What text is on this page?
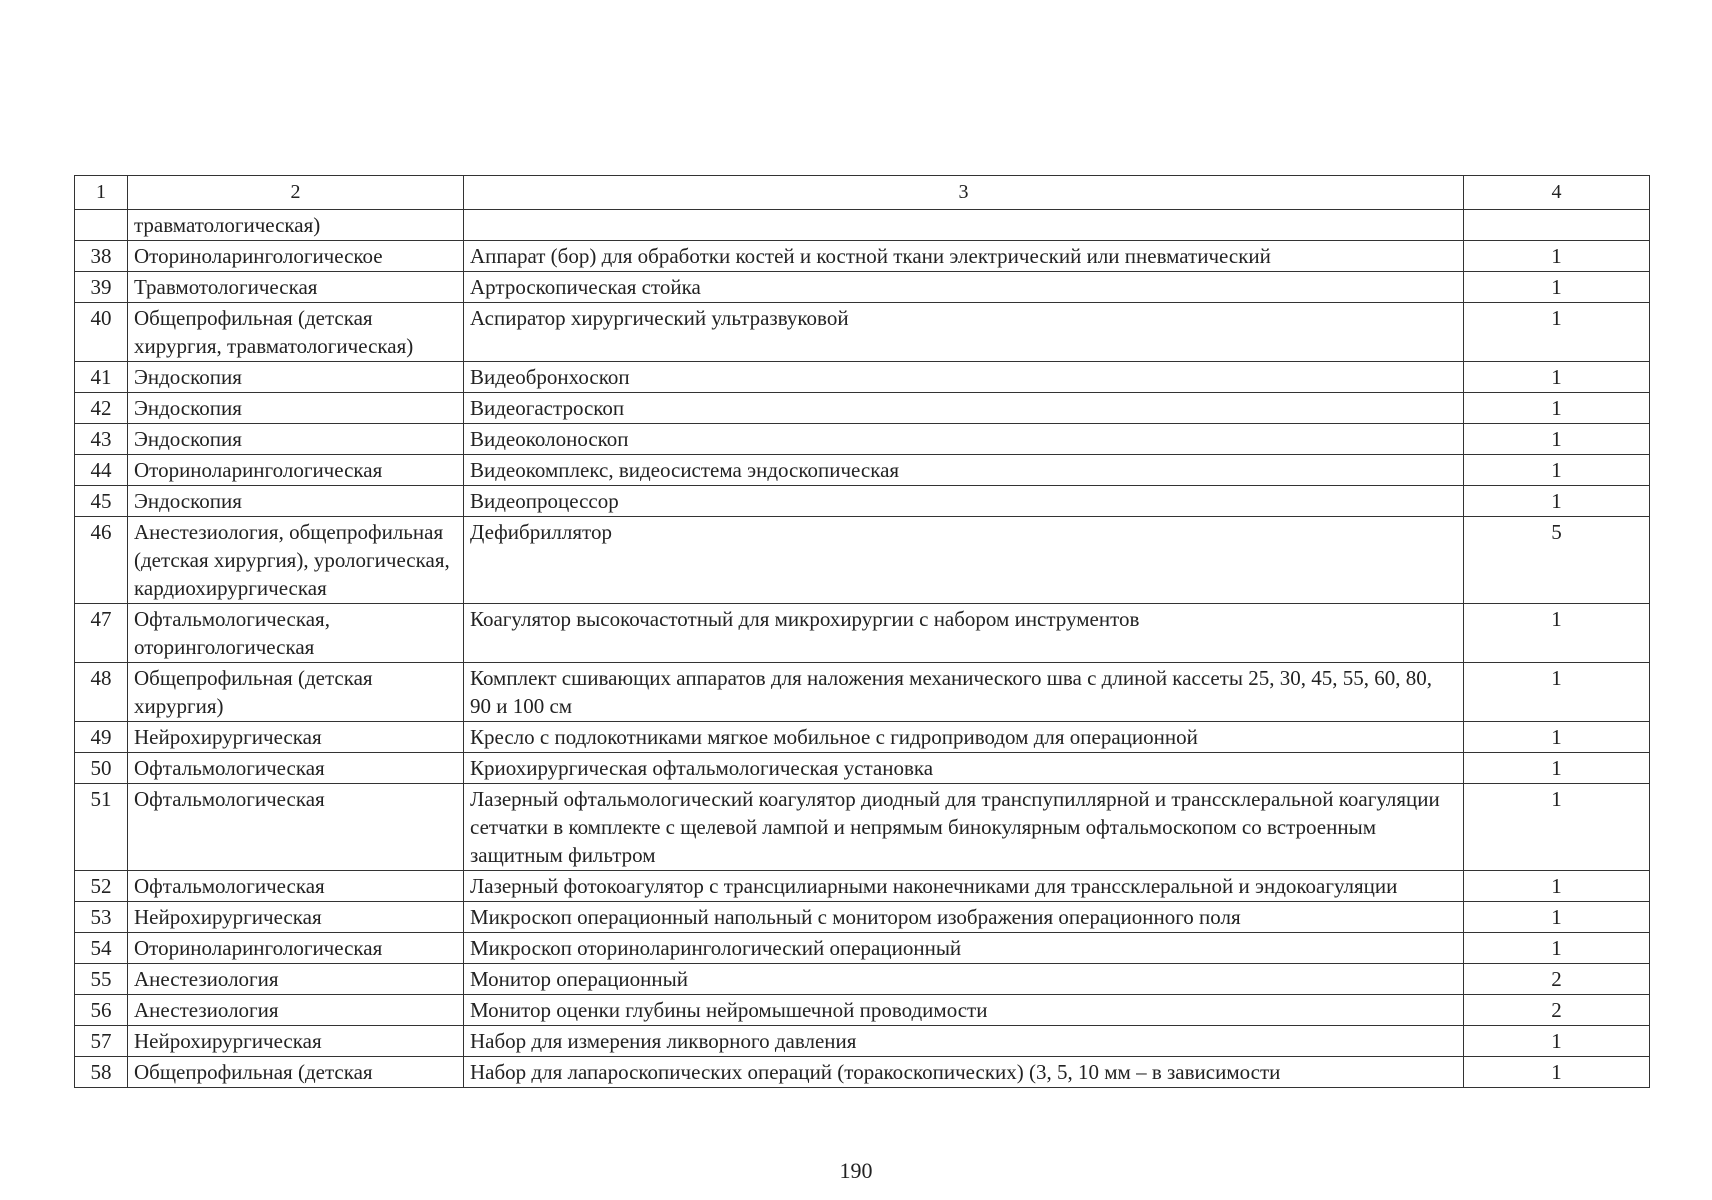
1	2	3	4
	травматологическая)		
38	Оториноларингологическое	Аппарат (бор) для обработки костей и костной ткани электрический или пневматический	1
39	Травмотологическая	Артроскопическая стойка	1
40	Общепрофильная (детская хирургия, травматологическая)	Аспиратор хирургический ультразвуковой	1
41	Эндоскопия	Видеобронхоскоп	1
42	Эндоскопия	Видеогастроскоп	1
43	Эндоскопия	Видеоколоноскоп	1
44	Оториноларингологическая	Видеокомплекс, видеосистема эндоскопическая	1
45	Эндоскопия	Видеопроцессор	1
46	Анестезиология, общепрофильная (детская хирургия), урологическая, кардиохирургическая	Дефибриллятор	5
47	Офтальмологическая, оторингологическая	Коагулятор высокочастотный для микрохирургии с набором инструментов	1
48	Общепрофильная (детская хирургия)	Комплект сшивающих аппаратов для наложения механического шва с длиной кассеты 25, 30, 45, 55, 60, 80, 90 и 100 см	1
49	Нейрохирургическая	Кресло с подлокотниками мягкое мобильное с гидроприводом для операционной	1
50	Офтальмологическая	Криохирургическая офтальмологическая установка	1
51	Офтальмологическая	Лазерный офтальмологический коагулятор диодный для транспупиллярной и транссклеральной коагуляции сетчатки в комплекте с щелевой лампой и непрямым бинокулярным офтальмоскопом со встроенным защитным фильтром	1
52	Офтальмологическая	Лазерный фотокоагулятор с трансцилиарными наконечниками для транссклеральной и эндокоагуляции	1
53	Нейрохирургическая	Микроскоп операционный напольный с монитором изображения операционного поля	1
54	Оториноларингологическая	Микроскоп оториноларингологический операционный	1
55	Анестезиология	Монитор операционный	2
56	Анестезиология	Монитор оценки глубины нейромышечной проводимости	2
57	Нейрохирургическая	Набор для измерения ликворного давления	1
58	Общепрофильная (детская	Набор для лапароскопических операций (торакоскопических) (3, 5, 10 мм – в зависимости	1
190
